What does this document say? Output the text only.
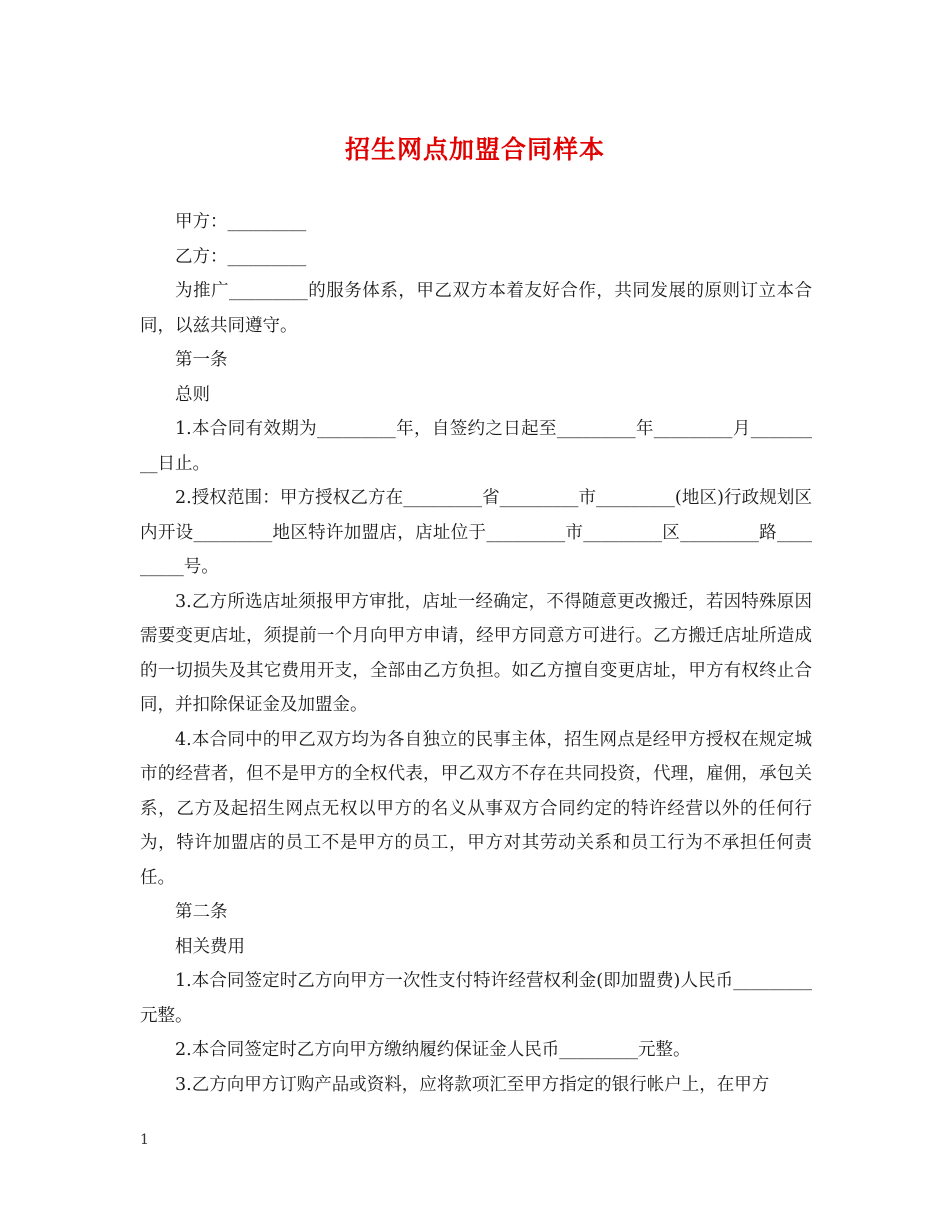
招生网点加盟合同样本

甲方：_________

乙方：_________

为推广_________的服务体系，甲乙双方本着友好合作，共同发展的原则订立本合同，以兹共同遵守。

第一条

总则

1.本合同有效期为_________年，自签约之日起至_________年_________月_________日止。

2.授权范围：甲方授权乙方在_________省_________市_________(地区)行政规划区内开设_________地区特许加盟店，店址位于_________市_________区_________路_________号。

3.乙方所选店址须报甲方审批，店址一经确定，不得随意更改搬迁，若因特殊原因需要变更店址，须提前一个月向甲方申请，经甲方同意方可进行。乙方搬迁店址所造成的一切损失及其它费用开支，全部由乙方负担。如乙方擅自变更店址，甲方有权终止合同，并扣除保证金及加盟金。

4.本合同中的甲乙双方均为各自独立的民事主体，招生网点是经甲方授权在规定城市的经营者，但不是甲方的全权代表，甲乙双方不存在共同投资，代理，雇佣，承包关系，乙方及起招生网点无权以甲方的名义从事双方合同约定的特许经营以外的任何行为，特许加盟店的员工不是甲方的员工，甲方对其劳动关系和员工行为不承担任何责任。

第二条

相关费用

1.本合同签定时乙方向甲方一次性支付特许经营权利金(即加盟费)人民币_________元整。

2.本合同签定时乙方向甲方缴纳履约保证金人民币_________元整。

3.乙方向甲方订购产品或资料，应将款项汇至甲方指定的银行帐户上，在甲方

1
